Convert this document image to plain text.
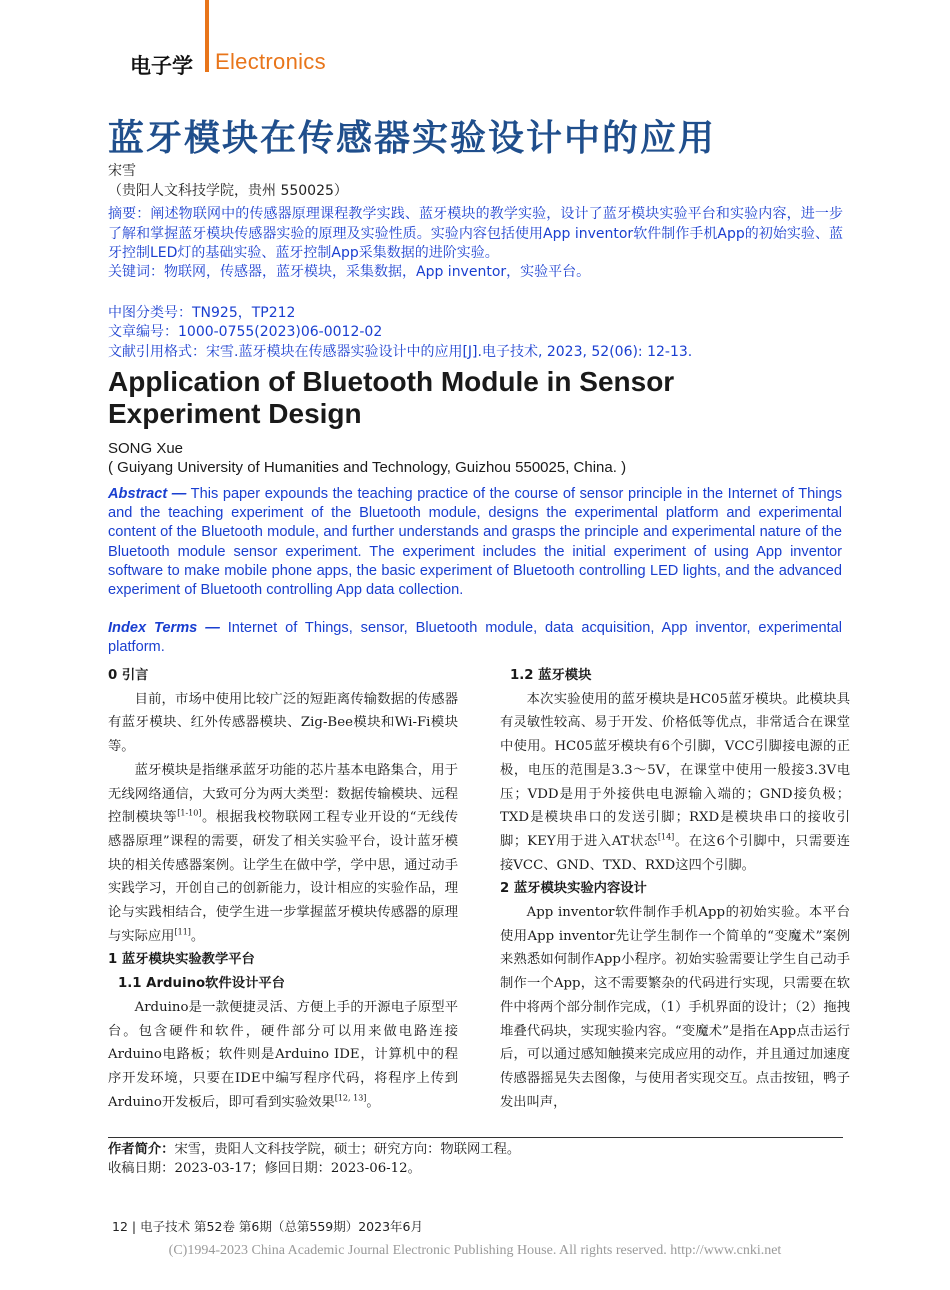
电子学 Electronics
蓝牙模块在传感器实验设计中的应用
宋雪
（贵阳人文科技学院，贵州 550025）
摘要：阐述物联网中的传感器原理课程教学实践、蓝牙模块的教学实验，设计了蓝牙模块实验平台和实验内容，进一步了解和掌握蓝牙模块传感器实验的原理及实验性质。实验内容包括使用App inventor软件制作手机App的初始实验、蓝牙控制LED灯的基础实验、蓝牙控制App采集数据的进阶实验。
关键词：物联网，传感器，蓝牙模块，采集数据，App inventor，实验平台。
中图分类号：TN925，TP212
文章编号：1000-0755(2023)06-0012-02
文献引用格式：宋雪.蓝牙模块在传感器实验设计中的应用[J].电子技术, 2023, 52(06): 12-13.
Application of Bluetooth Module in Sensor Experiment Design
SONG Xue
( Guiyang University of Humanities and Technology, Guizhou 550025, China. )
Abstract — This paper expounds the teaching practice of the course of sensor principle in the Internet of Things and the teaching experiment of the Bluetooth module, designs the experimental platform and experimental content of the Bluetooth module, and further understands and grasps the principle and experimental nature of the Bluetooth module sensor experiment. The experiment includes the initial experiment of using App inventor software to make mobile phone apps, the basic experiment of Bluetooth controlling LED lights, and the advanced experiment of Bluetooth controlling App data collection.
Index Terms — Internet of Things, sensor, Bluetooth module, data acquisition, App inventor, experimental platform.
0 引言

目前，市场中使用比较广泛的短距离传输数据的传感器有蓝牙模块、红外传感器模块、Zig-Bee模块和Wi-Fi模块等。

蓝牙模块是指继承蓝牙功能的芯片基本电路集合，用于无线网络通信，大致可分为两大类型：数据传输模块、远程控制模块等[1-10]。根据我校物联网工程专业开设的“无线传感器原理”课程的需要，研发了相关实验平台，设计蓝牙模块的相关传感器案例。让学生在做中学，学中思，通过动手实践学习，开创自己的创新能力，设计相应的实验作品，理论与实践相结合，使学生进一步掌握蓝牙模块传感器的原理与实际应用[11]。

1 蓝牙模块实验教学平台
1.1 Arduino软件设计平台

Arduino是一款便捷灵活、方便上手的开源电子原型平台。包含硬件和软件，硬件部分可以用来做电路连接Arduino电路板；软件则是Arduino IDE，计算机中的程序开发环境，只要在IDE中编写程序代码，将程序上传到Arduino开发板后，即可看到实验效果[12, 13]。

1.2 蓝牙模块

本次实验使用的蓝牙模块是HC05蓝牙模块。此模块具有灵敏性较高、易于开发、价格低等优点，非常适合在课堂中使用。HC05蓝牙模块有6个引脚，VCC引脚接电源的正极，电压的范围是3.3～5V，在课堂中使用一般接3.3V电压；VDD是用于外接供电电源输入端的；GND接负极；TXD是模块串口的发送引脚；RXD是模块串口的接收引脚；KEY用于进入AT状态[14]。在这6个引脚中，只需要连接VCC、GND、TXD、RXD这四个引脚。

2 蓝牙模块实验内容设计

App inventor软件制作手机App的初始实验。本平台使用App inventor先让学生制作一个简单的“变魔术”案例来熟悉如何制作App小程序。初始实验需要让学生自己动手制作一个App，这不需要繁杂的代码进行实现，只需要在软件中将两个部分制作完成，（1）手机界面的设计；（2）拖拽堆叠代码块，实现实验内容。“变魔术”是指在App点击运行后，可以通过感知触摸来完成应用的动作，并且通过加速度传感器摇晃失去图像，与使用者实现交互。点击按钮，鸭子发出叫声，

作者简介：宋雪，贵阳人文科技学院，硕士；研究方向：物联网工程。
收稿日期：2023-03-17；修回日期：2023-06-12。
12 | 电子技术 第52卷 第6期（总第559期）2023年6月
(C)1994-2023 China Academic Journal Electronic Publishing House. All rights reserved. http://www.cnki.net
